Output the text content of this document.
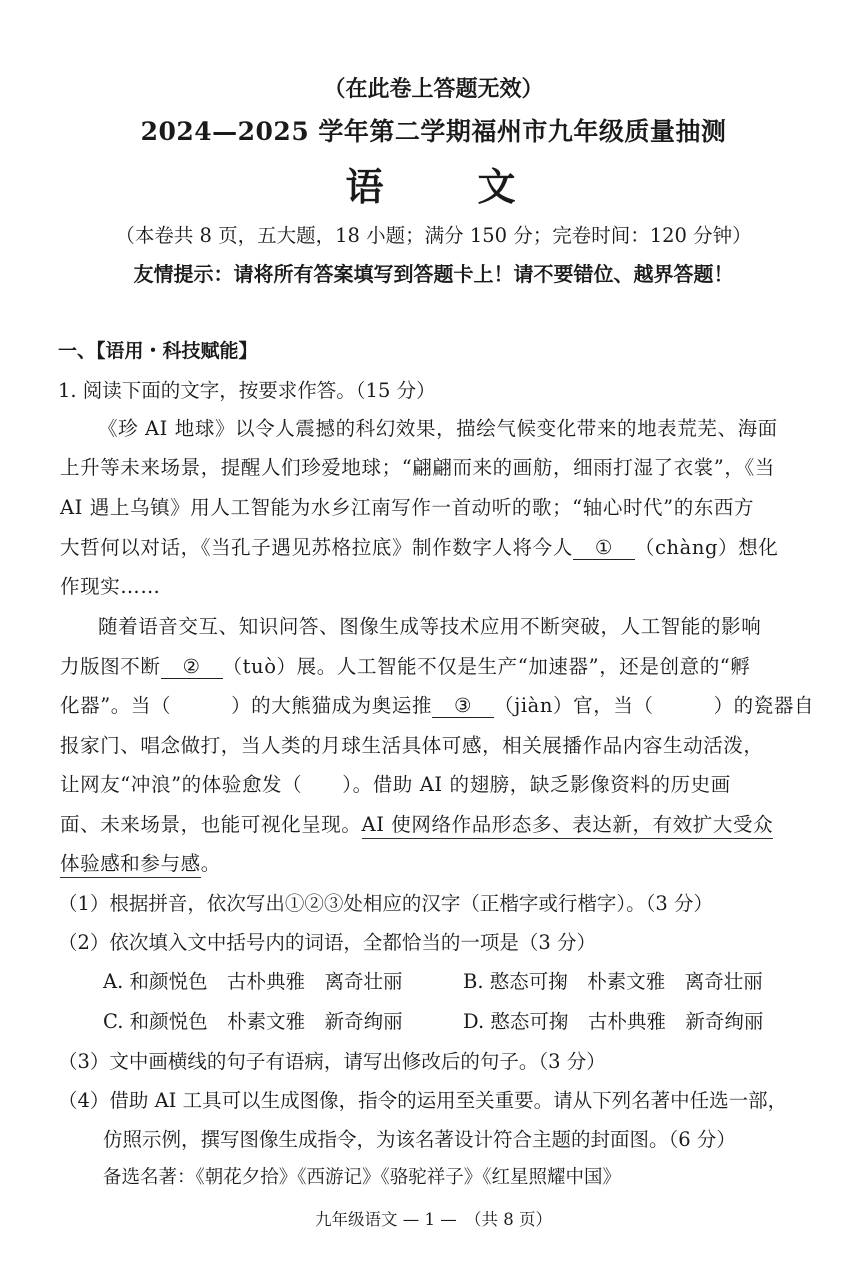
（在此卷上答题无效）
2024—2025 学年第二学期福州市九年级质量抽测
语　　文
（本卷共 8 页，五大题，18 小题；满分 150 分；完卷时间：120 分钟）
友情提示：请将所有答案填写到答题卡上！请不要错位、越界答题！
一、【语用・科技赋能】
1. 阅读下面的文字，按要求作答。（15 分）
《珍 AI 地球》以令人震撼的科幻效果，描绘气候变化带来的地表荒芜、海面
上升等未来场景，提醒人们珍爱地球；“翩翩而来的画舫，细雨打湿了衣裳”，《当
AI 遇上乌镇》用人工智能为水乡江南写作一首动听的歌；“轴心时代”的东西方
大哲何以对话，《当孔子遇见苏格拉底》制作数字人将今人 ① （chàng）想化
作现实……
随着语音交互、知识问答、图像生成等技术应用不断突破，人工智能的影响
力版图不断 ② （tuò）展。人工智能不仅是生产“加速器”，还是创意的“孵
化器”。当（	）的大熊猫成为奥运推 ③ （jiàn）官，当（	）的瓷器自
报家门、唱念做打，当人类的月球生活具体可感，相关展播作品内容生动活泼，
让网友“冲浪”的体验愈发（ ）。借助 AI 的翅膀，缺乏影像资料的历史画
面、未来场景，也能可视化呈现。AI 使网络作品形态多、表达新，有效扩大受众
体验感和参与感。
（1）根据拼音，依次写出①②③处相应的汉字（正楷字或行楷字）。（3 分）
（2）依次填入文中括号内的词语，全都恰当的一项是（3 分）
A. 和颜悦色　古朴典雅　离奇壮丽	B. 憨态可掬　朴素文雅　离奇壮丽
C. 和颜悦色　朴素文雅　新奇绚丽	D. 憨态可掬　古朴典雅　新奇绚丽
（3）文中画横线的句子有语病，请写出修改后的句子。（3 分）
（4）借助 AI 工具可以生成图像，指令的运用至关重要。请从下列名著中任选一部，
仿照示例，撰写图像生成指令，为该名著设计符合主题的封面图。（6 分）
备选名著：《朝花夕拾》《西游记》《骆驼祥子》《红星照耀中国》
九年级语文 — 1 —　（共 8 页）
